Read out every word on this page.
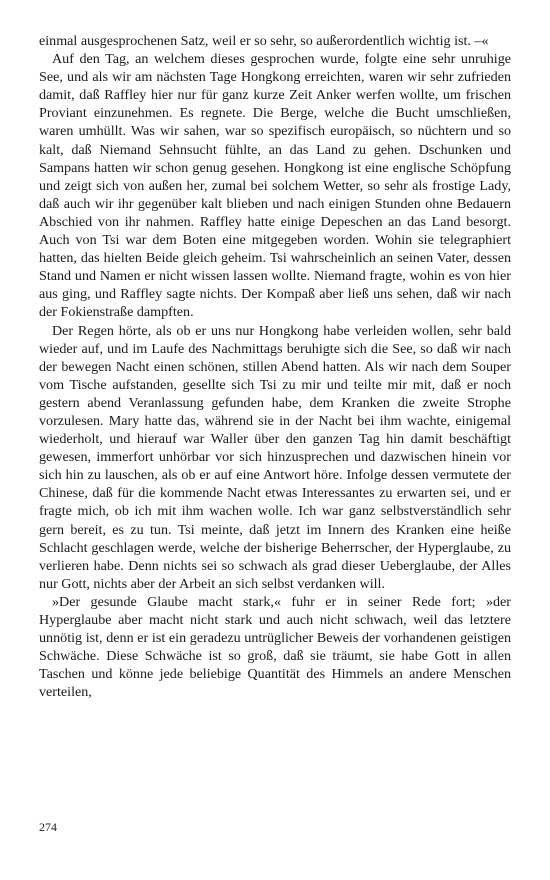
einmal ausgesprochenen Satz, weil er so sehr, so außerordentlich wichtig ist. –«

Auf den Tag, an welchem dieses gesprochen wurde, folgte eine sehr unruhige See, und als wir am nächsten Tage Hongkong erreichten, waren wir sehr zufrieden damit, daß Raffley hier nur für ganz kurze Zeit Anker werfen wollte, um frischen Proviant einzunehmen. Es regnete. Die Berge, welche die Bucht umschließen, waren umhüllt. Was wir sahen, war so spezifisch europäisch, so nüchtern und so kalt, daß Niemand Sehnsucht fühlte, an das Land zu gehen. Dschunken und Sampans hatten wir schon genug gesehen. Hongkong ist eine englische Schöpfung und zeigt sich von außen her, zumal bei solchem Wetter, so sehr als frostige Lady, daß auch wir ihr gegenüber kalt blieben und nach einigen Stunden ohne Bedauern Abschied von ihr nahmen. Raffley hatte einige Depeschen an das Land besorgt. Auch von Tsi war dem Boten eine mitgegeben worden. Wohin sie telegraphiert hatten, das hielten Beide gleich geheim. Tsi wahrscheinlich an seinen Vater, dessen Stand und Namen er nicht wissen lassen wollte. Niemand fragte, wohin es von hier aus ging, und Raffley sagte nichts. Der Kompaß aber ließ uns sehen, daß wir nach der Fokienstraße dampften.

Der Regen hörte, als ob er uns nur Hongkong habe verleiden wollen, sehr bald wieder auf, und im Laufe des Nachmittags beruhigte sich die See, so daß wir nach der bewegen Nacht einen schönen, stillen Abend hatten. Als wir nach dem Souper vom Tische aufstanden, gesellte sich Tsi zu mir und teilte mir mit, daß er noch gestern abend Veranlassung gefunden habe, dem Kranken die zweite Strophe vorzulesen. Mary hatte das, während sie in der Nacht bei ihm wachte, einigemal wiederholt, und hierauf war Waller über den ganzen Tag hin damit beschäftigt gewesen, immerfort unhörbar vor sich hinzusprechen und dazwischen hinein vor sich hin zu lauschen, als ob er auf eine Antwort höre. Infolge dessen vermutete der Chinese, daß für die kommende Nacht etwas Interessantes zu erwarten sei, und er fragte mich, ob ich mit ihm wachen wolle. Ich war ganz selbstverständlich sehr gern bereit, es zu tun. Tsi meinte, daß jetzt im Innern des Kranken eine heiße Schlacht geschlagen werde, welche der bisherige Beherrscher, der Hyperglaube, zu verlieren habe. Denn nichts sei so schwach als grad dieser Ueberglaube, der Alles nur Gott, nichts aber der Arbeit an sich selbst verdanken will.

»Der gesunde Glaube macht stark,« fuhr er in seiner Rede fort; »der Hyperglaube aber macht nicht stark und auch nicht schwach, weil das letztere unnötig ist, denn er ist ein geradezu untrüglicher Beweis der vorhandenen geistigen Schwäche. Diese Schwäche ist so groß, daß sie träumt, sie habe Gott in allen Taschen und könne jede beliebige Quantität des Himmels an andere Menschen verteilen,

274
